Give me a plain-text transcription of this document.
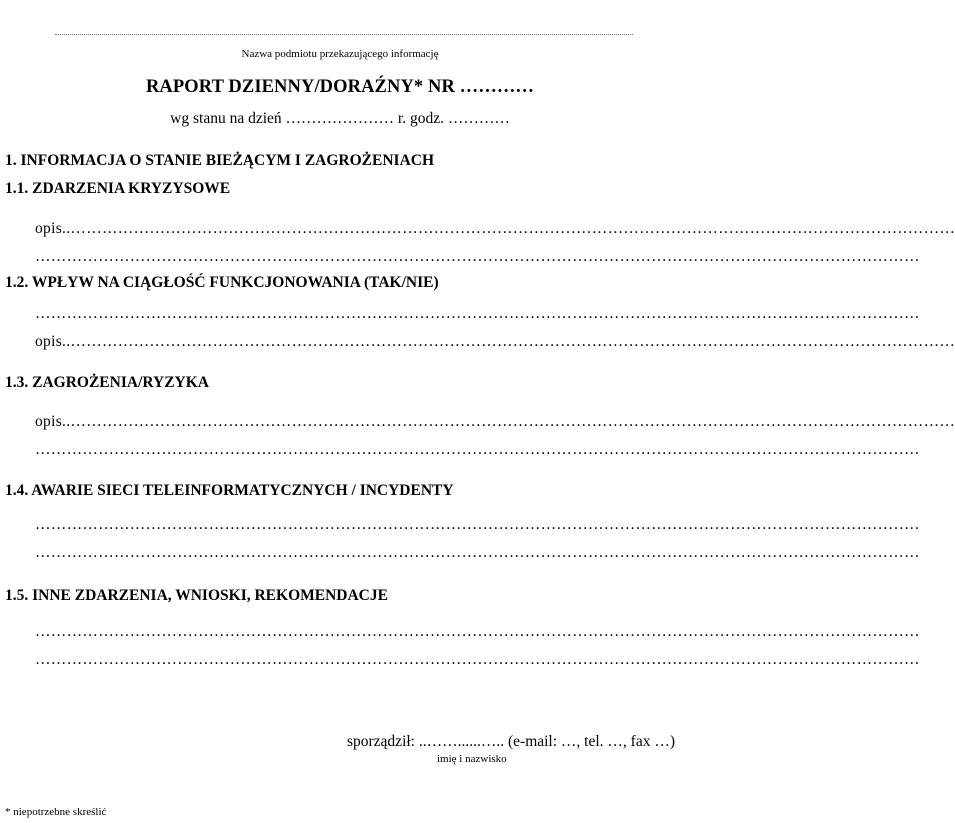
Nazwa podmiotu przekazującego informację
RAPORT DZIENNY/DORAŹNY* NR …………
wg stanu na dzień ………………… r. godz. …………
1. INFORMACJA O STANIE BIEŻĄCYM I ZAGROŻENIACH
1.1. ZDARZENIA KRYZYSOWE
opis..……………………………………………………………………………………………………………………………………………………
……………………………………………………………………………………………………………………………………………………
1.2. WPŁYW NA CIĄGŁOŚĆ FUNKCJONOWANIA (TAK/NIE)
……………………………………………………………………………………………………………………………………………………
opis..……………………………………………………………………………………………………………………………………………………
1.3. ZAGROŻENIA/RYZYKA
opis..……………………………………………………………………………………………………………………………………………………
……………………………………………………………………………………………………………………………………………………
1.4. AWARIE SIECI TELEINFORMATYCZNYCH / INCYDENTY
……………………………………………………………………………………………………………………………………………………
……………………………………………………………………………………………………………………………………………………
1.5. INNE ZDARZENIA, WNIOSKI, REKOMENDACJE
……………………………………………………………………………………………………………………………………………………
……………………………………………………………………………………………………………………………………………………
sporządził: ..……......….. (e-mail: …, tel. …, fax …)
imię i nazwisko
* niepotrzebne skreślić
